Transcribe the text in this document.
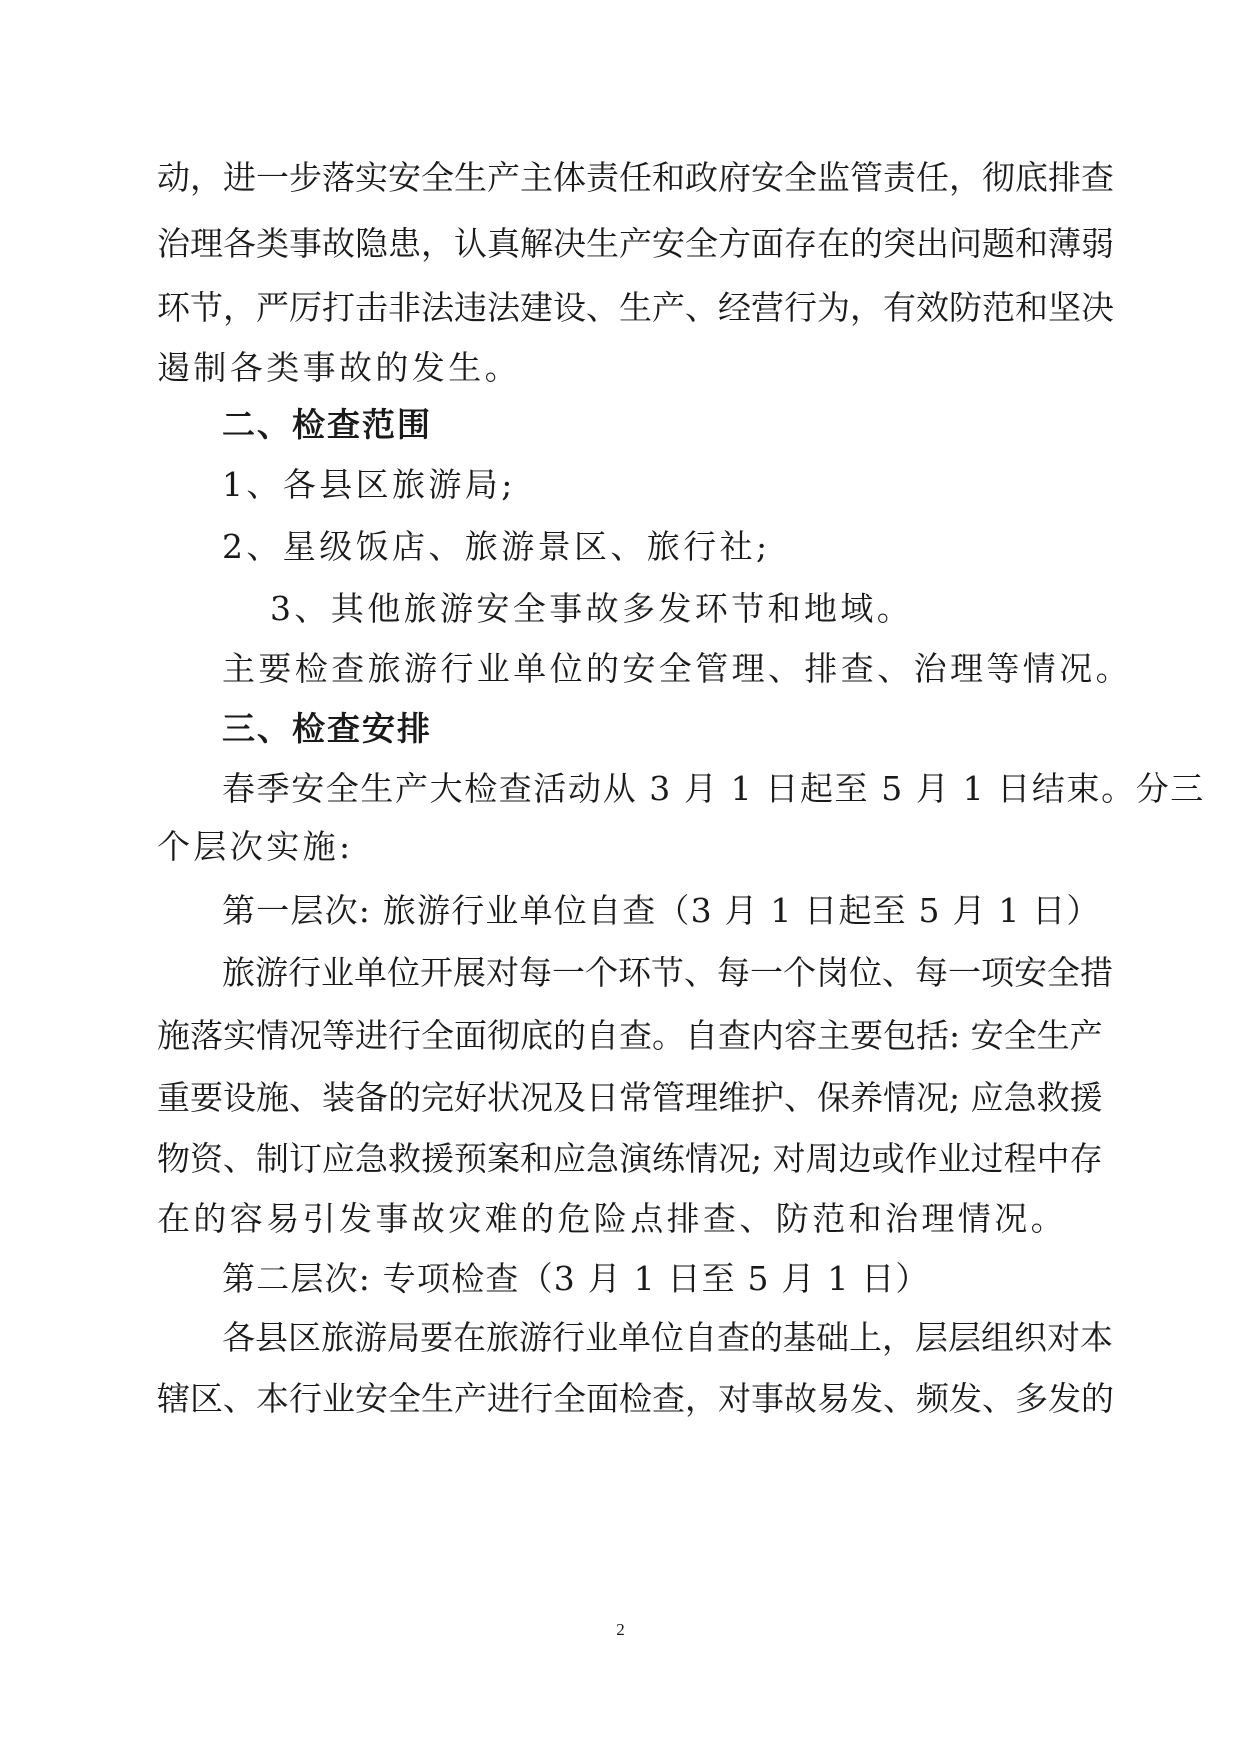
动，进一步落实安全生产主体责任和政府安全监管责任，彻底排查
治理各类事故隐患，认真解决生产安全方面存在的突出问题和薄弱
环节，严厉打击非法违法建设、生产、经营行为，有效防范和坚决
遏制各类事故的发生。
二、检查范围
1、各县区旅游局;
2、星级饭店、旅游景区、旅行社;
3、其他旅游安全事故多发环节和地域。
主要检查旅游行业单位的安全管理、排查、治理等情况。
三、检查安排
春季安全生产大检查活动从 3 月 1 日起至 5 月 1 日结束。分三
个层次实施:
第一层次: 旅游行业单位自查（3 月 1 日起至 5 月 1 日）
旅游行业单位开展对每一个环节、每一个岗位、每一项安全措
施落实情况等进行全面彻底的自查。自查内容主要包括: 安全生产
重要设施、装备的完好状况及日常管理维护、保养情况; 应急救援
物资、制订应急救援预案和应急演练情况; 对周边或作业过程中存
在的容易引发事故灾难的危险点排查、防范和治理情况。
第二层次: 专项检查（3 月 1 日至 5 月 1 日）
各县区旅游局要在旅游行业单位自查的基础上，层层组织对本
辖区、本行业安全生产进行全面检查，对事故易发、频发、多发的
2
